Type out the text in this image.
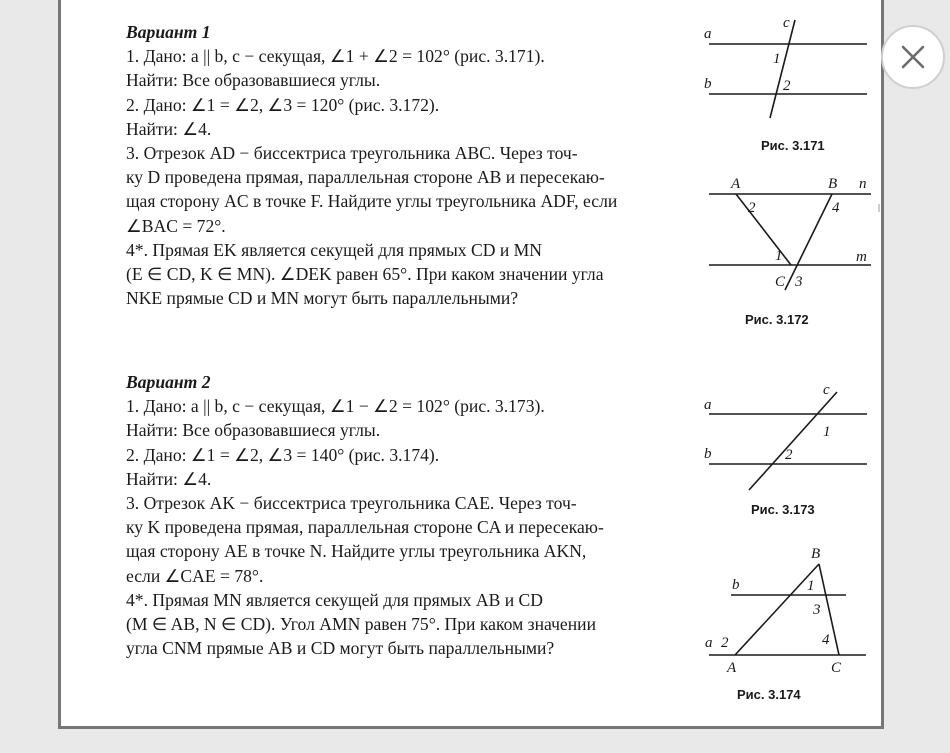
Вариант 1
1. Дано: a || b, c − секущая, ∠1 + ∠2 = 102° (рис. 3.171).
Найти: Все образовавшиеся углы.
2. Дано: ∠1 = ∠2, ∠3 = 120° (рис. 3.172).
Найти: ∠4.
3. Отрезок AD − биссектриса треугольника ABC. Через точ-
ку D проведена прямая, параллельная стороне AB и пересекаю-
щая сторону AC в точке F. Найдите углы треугольника ADF, если
∠BAC = 72°.
4*. Прямая EK является секущей для прямых CD и MN
(E ∈ CD, K ∈ MN). ∠DEK равен 65°. При каком значении угла
NKE прямые CD и MN могут быть параллельными?
Вариант 2
1. Дано: a || b, c − секущая, ∠1 − ∠2 = 102° (рис. 3.173).
Найти: Все образовавшиеся углы.
2. Дано: ∠1 = ∠2, ∠3 = 140° (рис. 3.174).
Найти: ∠4.
3. Отрезок AK − биссектриса треугольника CAE. Через точ-
ку K проведена прямая, параллельная стороне CA и пересекаю-
щая сторону AE в точке N. Найдите углы треугольника AKN,
если ∠CAE = 78°.
4*. Прямая MN является секущей для прямых AB и CD
(M ∈ AB, N ∈ CD). Угол AMN равен 75°. При каком значении
угла CNM прямые AB и CD могут быть параллельными?
a
b
c
1
2
Рис. 3.171
A	B n
m
C
1
2
3
4
Рис. 3.172
a
b
c
1
2
Рис. 3.173
B
b	1
3
a 2	4
A	C
Рис. 3.174
